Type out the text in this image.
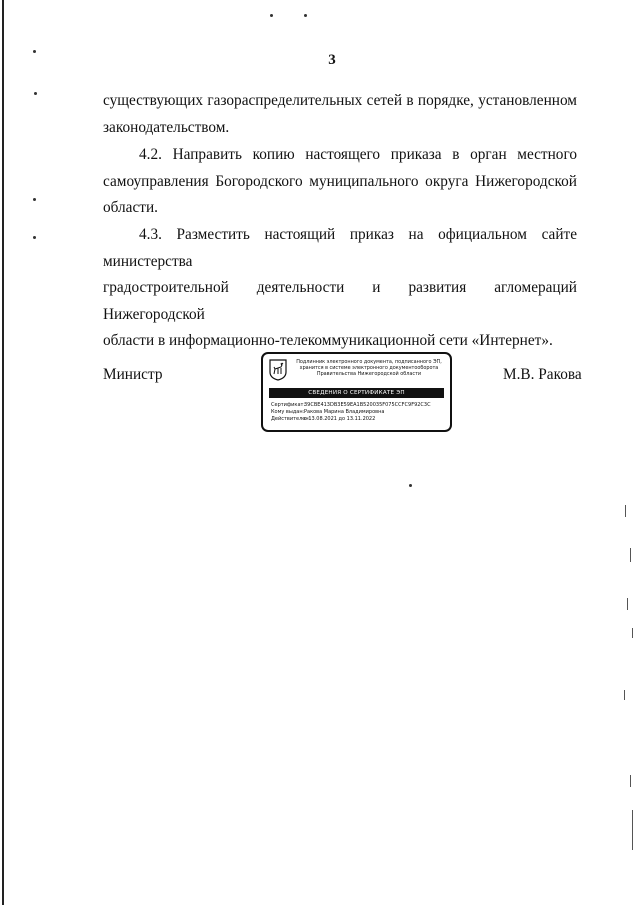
3

существующих газораспределительных сетей в порядке, установленном

законодательством.

4.2. Направить копию настоящего приказа в орган местного

самоуправления Богородского муниципального округа Нижегородской

области.

4.3. Разместить настоящий приказ на официальном сайте министерства

градостроительной деятельности и развития агломераций Нижегородской

области в информационно-телекоммуникационной сети «Интернет».

Министр	М.В. Ракова
Подлинник электронного документа, подписанного ЭП,
хранится в системе электронного документооборота
Правительства Нижегородской области
СВЕДЕНИЯ О СЕРТИФИКАТЕ ЭП
Сертификат:39CBE413DB3E59EA1B520035F075CCFC9F92C3C
Кому выдан:Ракова Марина Владимировна
Действителен:с 13.08.2021 до 13.11.2022
